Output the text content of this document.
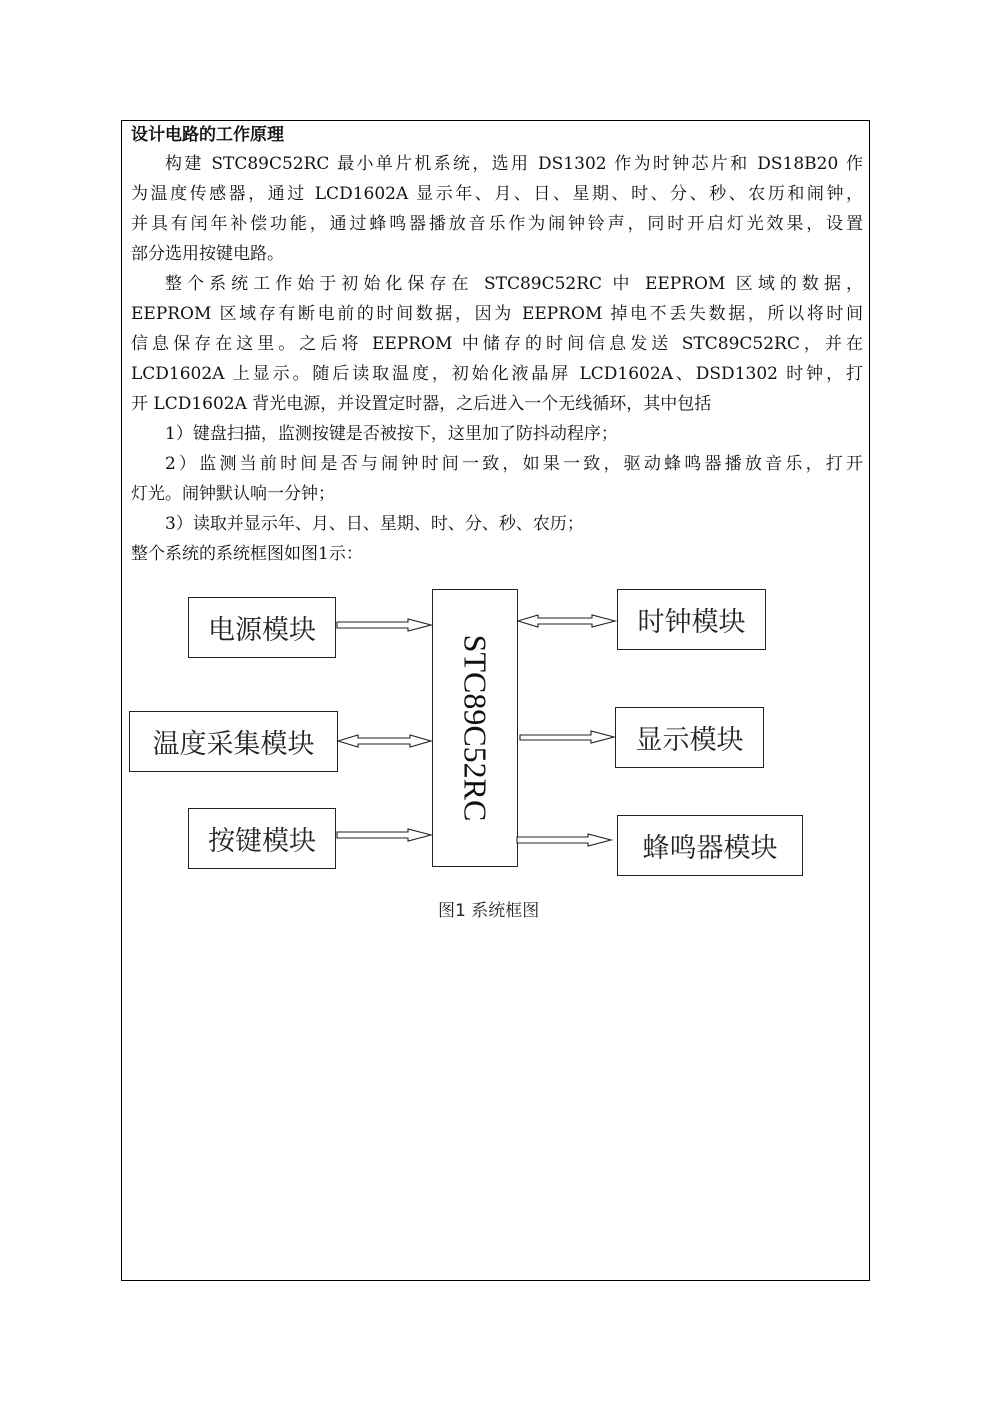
设计电路的工作原理

构建 STC89C52RC 最小单片机系统，选用 DS1302 作为时钟芯片和 DS18B20 作
为温度传感器，通过 LCD1602A 显示年、月、日、星期、时、分、秒、农历和闹钟，
并具有闰年补偿功能，通过蜂鸣器播放音乐作为闹钟铃声，同时开启灯光效果，设置
部分选用按键电路。

整个系统工作始于初始化保存在 STC89C52RC 中 EEPROM 区域的数据，
EEPROM 区域存有断电前的时间数据，因为 EEPROM 掉电不丢失数据，所以将时间
信息保存在这里。之后将 EEPROM 中储存的时间信息发送 STC89C52RC，并在
LCD1602A 上显示。随后读取温度，初始化液晶屏 LCD1602A、DSD1302 时钟，打
开 LCD1602A 背光电源，并设置定时器，之后进入一个无线循环，其中包括

1）键盘扫描，监测按键是否被按下，这里加了防抖动程序；

2）监测当前时间是否与闹钟时间一致，如果一致，驱动蜂鸣器播放音乐，打开
灯光。闹钟默认响一分钟；

3）读取并显示年、月、日、星期、时、分、秒、农历；

整个系统的系统框图如图1示：

电源模块
温度采集模块
按键模块
STC89C52RC
时钟模块
显示模块
蜂鸣器模块
图1 系统框图
